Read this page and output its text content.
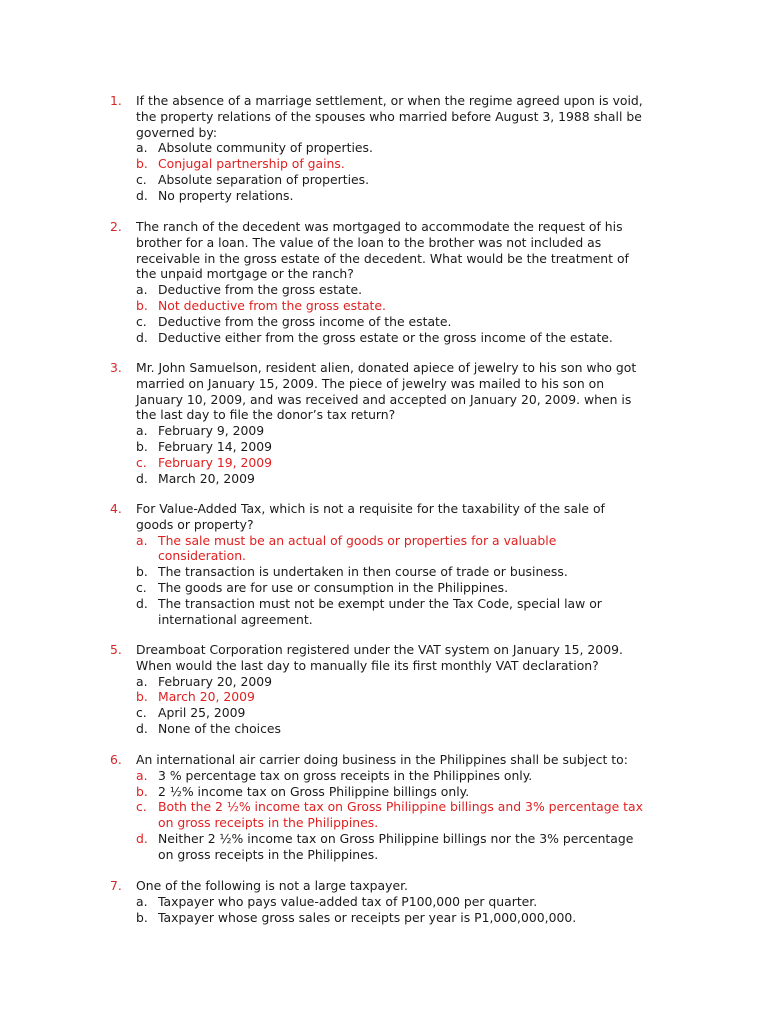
1. If the absence of a marriage settlement, or when the regime agreed upon is void,
the property relations of the spouses who married before August 3, 1988 shall be
governed by:
a. Absolute community of properties.
b. Conjugal partnership of gains.
c. Absolute separation of properties.
d. No property relations.
2. The ranch of the decedent was mortgaged to accommodate the request of his
brother for a loan. The value of the loan to the brother was not included as
receivable in the gross estate of the decedent. What would be the treatment of
the unpaid mortgage or the ranch?
a. Deductive from the gross estate.
b. Not deductive from the gross estate.
c. Deductive from the gross income of the estate.
d. Deductive either from the gross estate or the gross income of the estate.
3. Mr. John Samuelson, resident alien, donated apiece of jewelry to his son who got
married on January 15, 2009. The piece of jewelry was mailed to his son on
January 10, 2009, and was received and accepted on January 20, 2009. when is
the last day to file the donor’s tax return?
a. February 9, 2009
b. February 14, 2009
c. February 19, 2009
d. March 20, 2009
4. For Value-Added Tax, which is not a requisite for the taxability of the sale of
goods or property?
a. The sale must be an actual of goods or properties for a valuable
consideration.
b. The transaction is undertaken in then course of trade or business.
c. The goods are for use or consumption in the Philippines.
d. The transaction must not be exempt under the Tax Code, special law or
international agreement.
5. Dreamboat Corporation registered under the VAT system on January 15, 2009.
When would the last day to manually file its first monthly VAT declaration?
a. February 20, 2009
b. March 20, 2009
c. April 25, 2009
d. None of the choices
6. An international air carrier doing business in the Philippines shall be subject to:
a. 3 % percentage tax on gross receipts in the Philippines only.
b. 2 ½% income tax on Gross Philippine billings only.
c. Both the 2 ½% income tax on Gross Philippine billings and 3% percentage tax
on gross receipts in the Philippines.
d. Neither 2 ½% income tax on Gross Philippine billings nor the 3% percentage
on gross receipts in the Philippines.
7. One of the following is not a large taxpayer.
a. Taxpayer who pays value-added tax of P100,000 per quarter.
b. Taxpayer whose gross sales or receipts per year is P1,000,000,000.
